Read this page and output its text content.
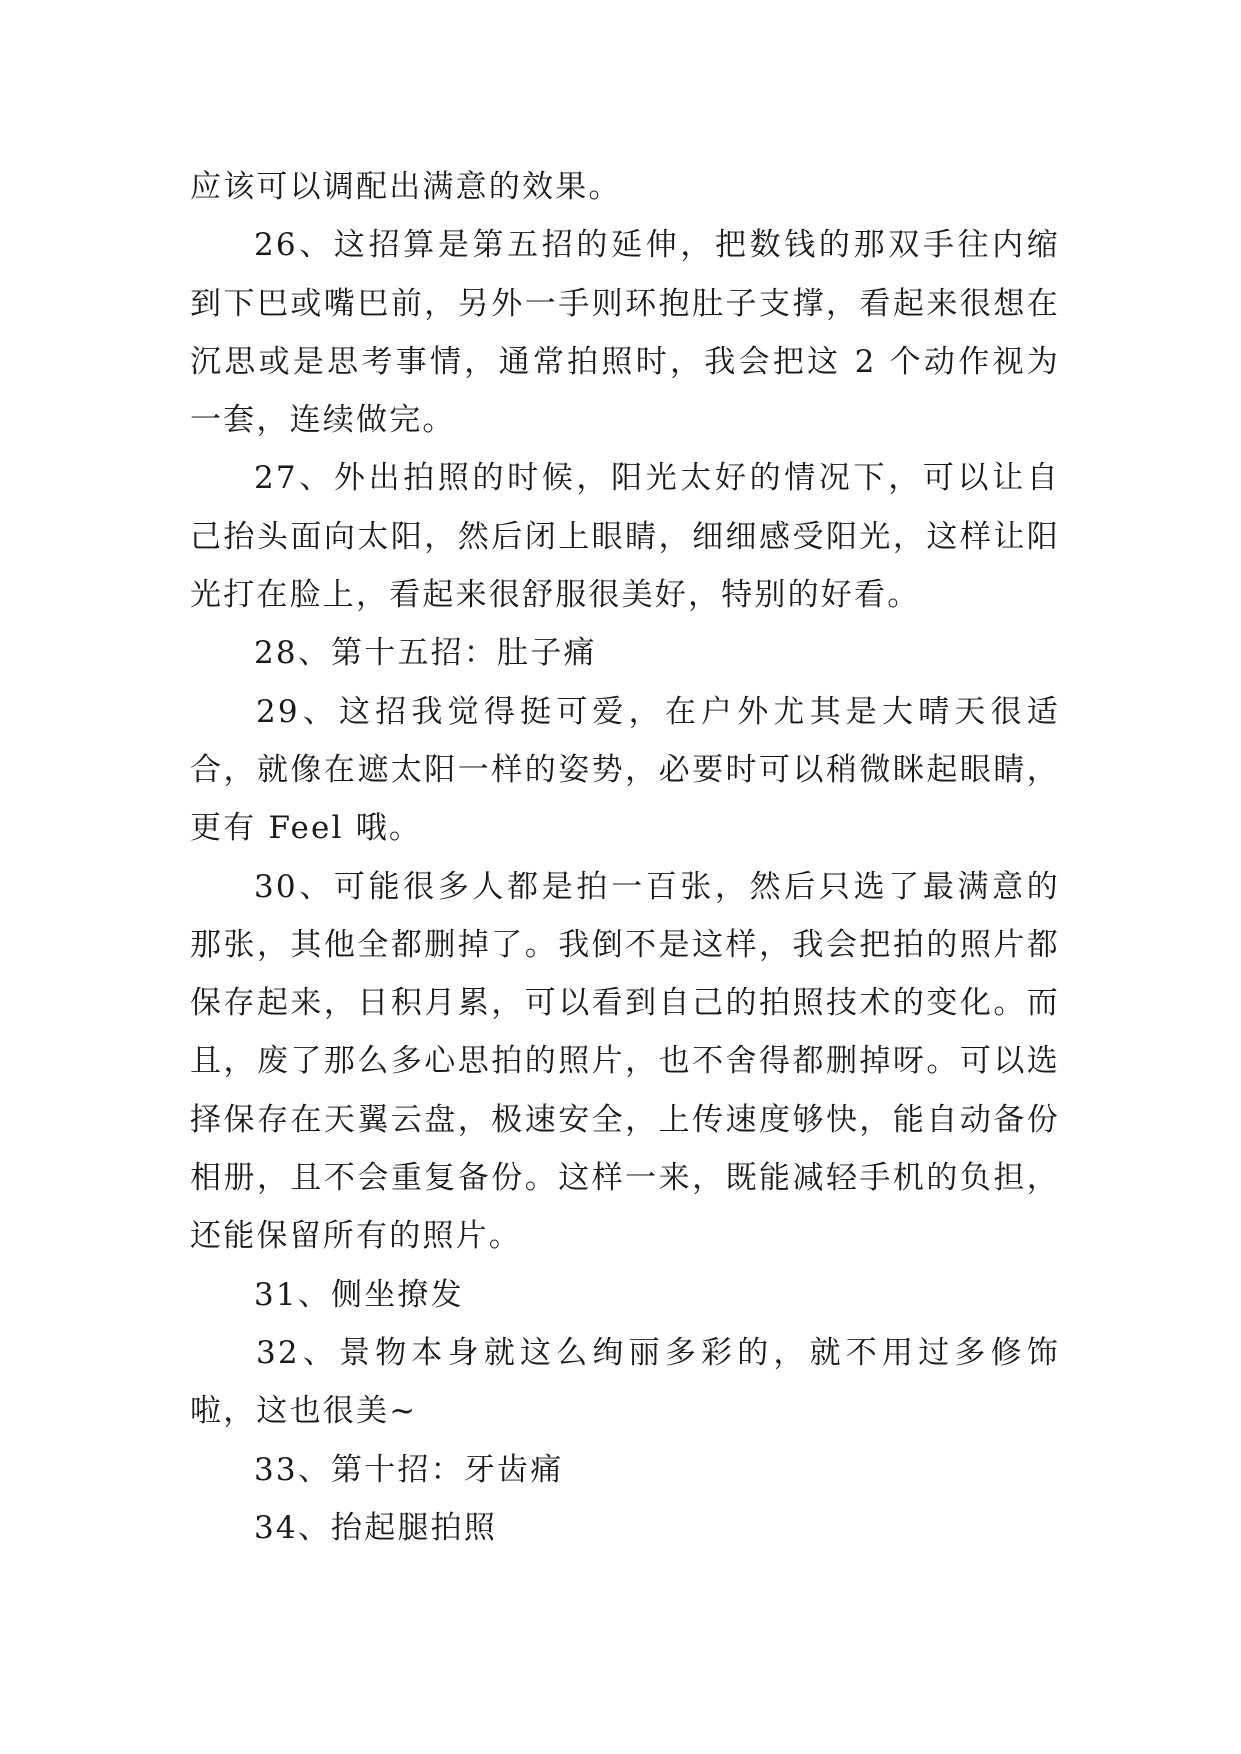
应该可以调配出满意的效果。

26、这招算是第五招的延伸，把数钱的那双手往内缩到下巴或嘴巴前，另外一手则环抱肚子支撑，看起来很想在沉思或是思考事情，通常拍照时，我会把这 2 个动作视为一套，连续做完。

27、外出拍照的时候，阳光太好的情况下，可以让自己抬头面向太阳，然后闭上眼睛，细细感受阳光，这样让阳光打在脸上，看起来很舒服很美好，特别的好看。

28、第十五招：肚子痛

29、这招我觉得挺可爱，在户外尤其是大晴天很适合，就像在遮太阳一样的姿势，必要时可以稍微眯起眼睛，更有 Feel 哦。

30、可能很多人都是拍一百张，然后只选了最满意的那张，其他全都删掉了。我倒不是这样，我会把拍的照片都保存起来，日积月累，可以看到自己的拍照技术的变化。而且，废了那么多心思拍的照片，也不舍得都删掉呀。可以选择保存在天翼云盘，极速安全，上传速度够快，能自动备份相册，且不会重复备份。这样一来，既能减轻手机的负担，还能保留所有的照片。

31、侧坐撩发

32、景物本身就这么绚丽多彩的，就不用过多修饰啦，这也很美~

33、第十招：牙齿痛

34、抬起腿拍照
